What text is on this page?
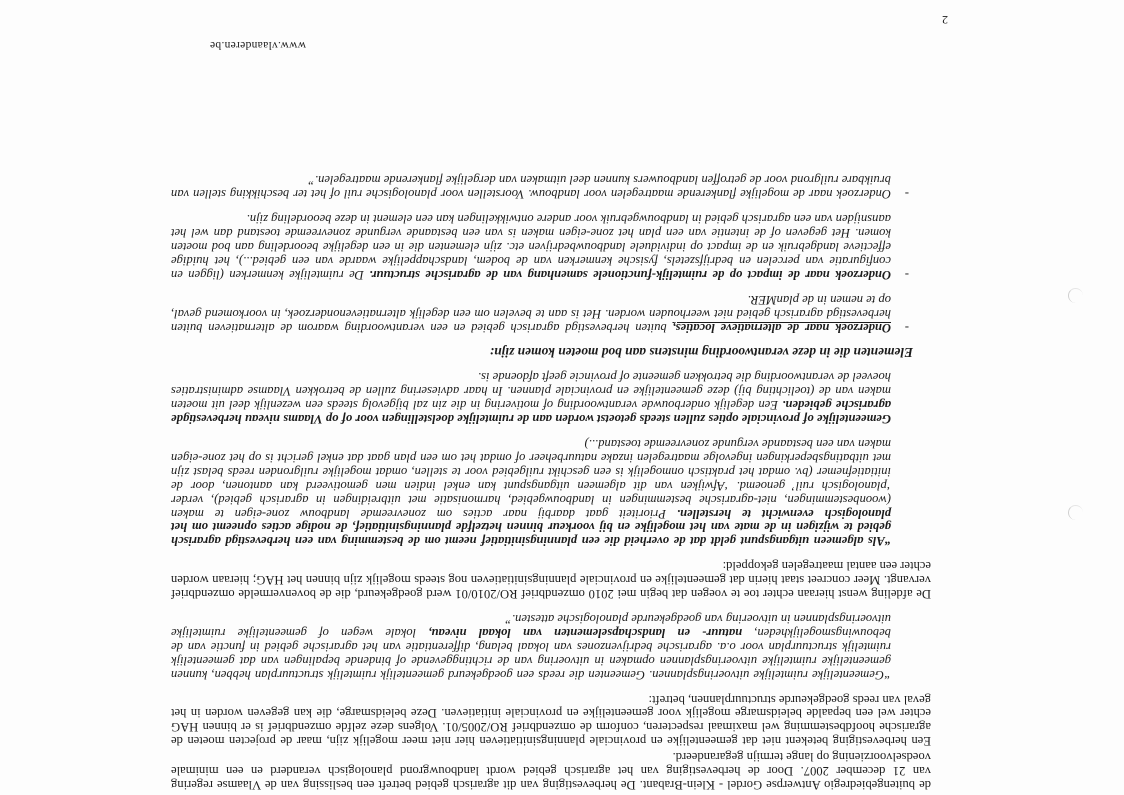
de buitengebiedregio Antwerpse Gordel - Klein-Brabant. De herbevestiging van dit agrarisch gebied betreft een beslissing van de Vlaamse regering van 21 december 2007. Door de herbevestiging van het agrarisch gebied wordt landbouwgrond planologisch veranderd en een minimale voedselvoorziening op lange termijn gegarandeerd.

Een herbevestiging betekent niet dat gemeentelijke en provinciale planningsinitiatieven hier niet meer mogelijk zijn, maar de projecten moeten de agrarische hoofdbestemming wel maximaal respecteren, conform de omzendbrief RO/2005/01. Volgens deze zelfde omzendbrief is er binnen HAG echter wel een bepaalde beleidsmarge mogelijk voor gemeentelijke en provinciale initiatieven. Deze beleidsmarge, die kan gegeven worden in het geval van reeds goedgekeurde structuurplannen, betreft:

“Gemeentelijke ruimtelijke uitvoeringsplannen. Gemeenten die reeds een goedgekeurd gemeentelijk ruimtelijk structuurplan hebben, kunnen gemeentelijke ruimtelijke uitvoeringsplannen opmaken in uitvoering van de richtinggevende of bindende bepalingen van dat gemeentelijk ruimtelijk structuurplan voor o.a. agrarische bedrijvenzones van lokaal belang, differentiatie van het agrarische gebied in functie van de bebouwingsmogelijkheden, natuur- en landschapselementen van lokaal niveau, lokale wegen of gemeentelijke ruimtelijke uitvoeringsplannen in uitvoering van goedgekeurde planologische attesten.”

De afdeling wenst hieraan echter toe te voegen dat begin mei 2010 omzendbrief RO/2010/01 werd goedgekeurd, die de bovenvermelde omzendbrief vervangt. Meer concreet staat hierin dat gemeentelijke en provinciale planningsinitiatieven nog steeds mogelijk zijn binnen het HAG; hieraan worden echter een aantal maatregelen gekoppeld:

“Als algemeen uitgangspunt geldt dat de overheid die een planningsinitiatief neemt om de bestemming van een herbevestigd agrarisch gebied te wijzigen in de mate van het mogelijke en bij voorkeur binnen hetzelfde planningsinitiatief, de nodige acties opneemt om het planologisch evenwicht te herstellen. Prioriteit gaat daarbij naar acties om zonevreemde landbouw zone-eigen te maken (woonbestemmingen, niet-agrarische bestemmingen in landbouwgebied, harmonisatie met uitbreidingen in agrarisch gebied), verder ‘planologisch ruil’ genoemd. ‘Afwijken van dit algemeen uitgangspunt kan enkel indien men gemotiveerd kan aantonen, door de initiatiefnemer (bv. omdat het praktisch onmogelijk is een geschikt ruilgebied voor te stellen, omdat mogelijke ruilgronden reeds belast zijn met uitbatingsbeperkingen ingevolge maatregelen inzake natuurbeheer of omdat het om een plan gaat dat enkel gericht is op het zone-eigen maken van een bestaande vergunde zonevreemde toestand...)

Gemeentelijke of provinciale opties zullen steeds getoetst worden aan de ruimtelijke doelstellingen voor of op Vlaams niveau herbevestigde agrarische gebieden. Een degelijk onderbouwde verantwoording of motivering in die zin zal bijgevolg steeds een wezenlijk deel uit moeten maken van de (toelichting bij) deze gemeentelijke en provinciale plannen. In haar adviesering zullen de betrokken Vlaamse administraties hoeveel de verantwoording die betrokken gemeente of provincie geeft afdoende is.

Elementen die in deze verantwoording minstens aan bod moeten komen zijn:

-
Onderzoek naar de alternatieve locaties, buiten herbevestigd agrarisch gebied en een verantwoording waarom de alternatieven buiten herbevestigd agrarisch gebied niet weerhouden worden. Het is aan te bevelen om een degelijk alternatievenonderzoek, in voorkomend geval, op te nemen in de planMER.

-
Onderzoek naar de impact op de ruimtelijk-functionele samenhang van de agrarische structuur. De ruimtelijke kenmerken (liggen en configuratie van percelen en bedrijfszetels, fysische kenmerken van de bodem, landschappelijke waarde van een gebied...), het huidige effectieve landgebruik en de impact op individuele landbouwbedrijven etc. zijn elementen die in een degelijke beoordeling aan bod moeten komen. Het gegeven of de intentie van een plan het zone-eigen maken is van een bestaande vergunde zonevreemde toestand dan wel het aansnijden van een agrarisch gebied in landbouwgebruik voor andere ontwikkelingen kan een element in deze beoordeling zijn.

-
Onderzoek naar de mogelijke flankerende maatregelen voor landbouw. Voorstellen voor planologische ruil of het ter beschikking stellen van bruikbare ruilgrond voor de getroffen landbouwers kunnen deel uitmaken van dergelijke flankerende maatregelen.”

2
www.vlaanderen.be
